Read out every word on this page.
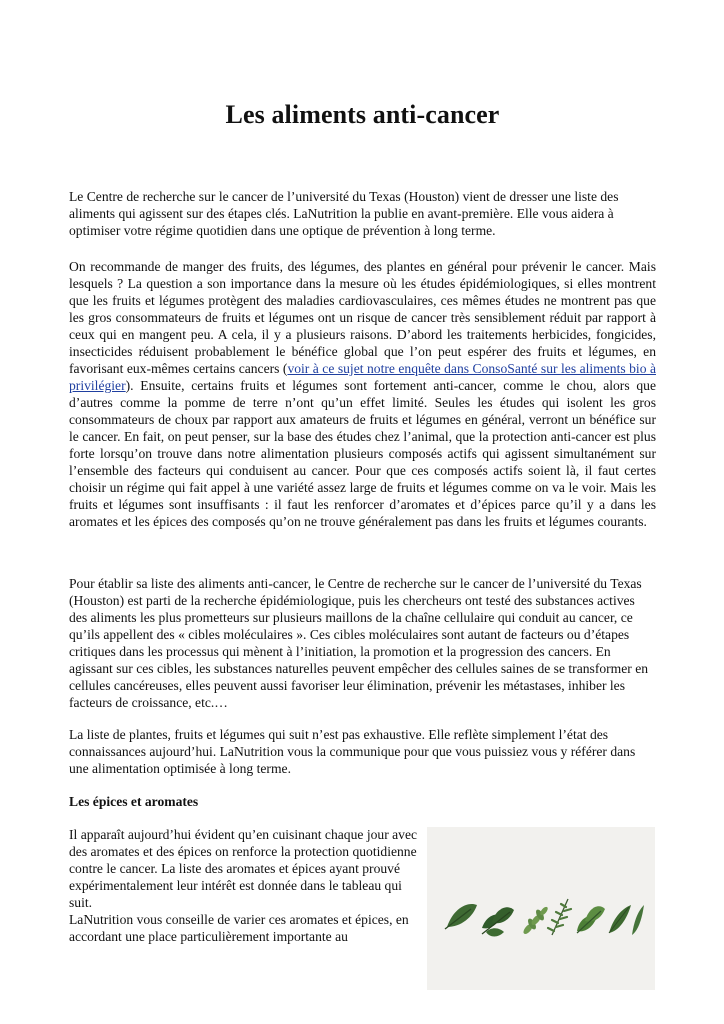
Les aliments anti-cancer

Le Centre de recherche sur le cancer de l’université du Texas (Houston) vient de dresser une liste des aliments qui agissent sur des étapes clés. LaNutrition la publie en avant-première. Elle vous aidera à optimiser votre régime quotidien dans une optique de prévention à long terme.

On recommande de manger des fruits, des légumes, des plantes en général pour prévenir le cancer. Mais lesquels ? La question a son importance dans la mesure où les études épidémiologiques, si elles montrent que les fruits et légumes protègent des maladies cardiovasculaires, ces mêmes études ne montrent pas que les gros consommateurs de fruits et légumes ont un risque de cancer très sensiblement réduit par rapport à ceux qui en mangent peu. A cela, il y a plusieurs raisons. D’abord les traitements herbicides, fongicides, insecticides réduisent probablement le bénéfice global que l’on peut espérer des fruits et légumes, en favorisant eux-mêmes certains cancers (voir à ce sujet notre enquête dans ConsoSanté sur les aliments bio à privilégier). Ensuite, certains fruits et légumes sont fortement anti-cancer, comme le chou, alors que d’autres comme la pomme de terre n’ont qu’un effet limité. Seules les études qui isolent les gros consommateurs de choux par rapport aux amateurs de fruits et légumes en général, verront un bénéfice sur le cancer. En fait, on peut penser, sur la base des études chez l’animal, que la protection anti-cancer est plus forte lorsqu’on trouve dans notre alimentation plusieurs composés actifs qui agissent simultanément sur l’ensemble des facteurs qui conduisent au cancer. Pour que ces composés actifs soient là, il faut certes choisir un régime qui fait appel à une variété assez large de fruits et légumes comme on va le voir. Mais les fruits et légumes sont insuffisants : il faut les renforcer d’aromates et d’épices parce qu’il y a dans les aromates et les épices des composés qu’on ne trouve généralement pas dans les fruits et légumes courants.

Pour établir sa liste des aliments anti-cancer, le Centre de recherche sur le cancer de l’université du Texas (Houston) est parti de la recherche épidémiologique, puis les chercheurs ont testé des substances actives des aliments les plus prometteurs sur plusieurs maillons de la chaîne cellulaire qui conduit au cancer, ce qu’ils appellent des « cibles moléculaires ». Ces cibles moléculaires sont autant de facteurs ou d’étapes critiques dans les processus qui mènent à l’initiation, la promotion et la progression des cancers. En agissant sur ces cibles, les substances naturelles peuvent empêcher des cellules saines de se transformer en cellules cancéreuses, elles peuvent aussi favoriser leur élimination, prévenir les métastases, inhiber les facteurs de croissance, etc.…

La liste de plantes, fruits et légumes qui suit n’est pas exhaustive. Elle reflète simplement l’état des connaissances aujourd’hui. LaNutrition vous la communique pour que vous puissiez vous y référer dans une alimentation optimisée à long terme.

Les épices et aromates

Il apparaît aujourd’hui évident qu’en cuisinant chaque jour avec des aromates et des épices on renforce la protection quotidienne contre le cancer. La liste des aromates et épices ayant prouvé expérimentalement leur intérêt est donnée dans le tableau qui suit.
LaNutrition vous conseille de varier ces aromates et épices, en accordant une place particulièrement importante au
